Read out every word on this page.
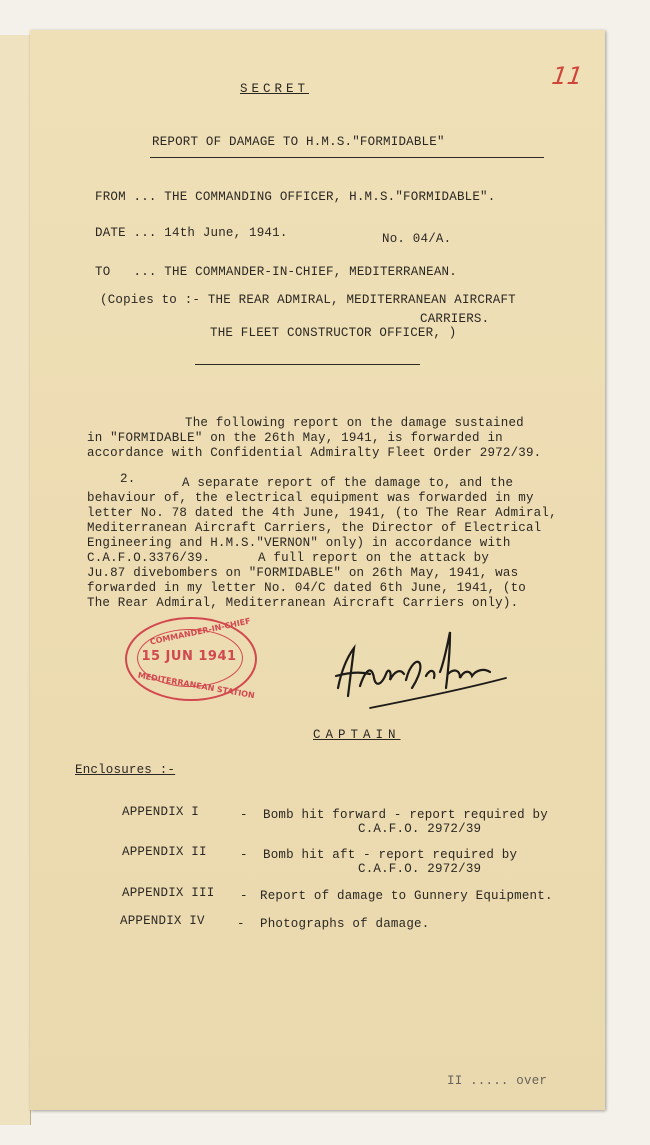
11
SECRET
REPORT OF DAMAGE TO H.M.S."FORMIDABLE"
FROM ... THE COMMANDING OFFICER, H.M.S."FORMIDABLE".
DATE ... 14th June, 1941.	No. 04/A.
TO   ... THE COMMANDER-IN-CHIEF, MEDITERRANEAN.
(Copies to :- THE REAR ADMIRAL, MEDITERRANEAN AIRCRAFT
CARRIERS.
THE FLEET CONSTRUCTOR OFFICER, )
The following report on the damage sustained
in "FORMIDABLE" on the 26th May, 1941, is forwarded in
accordance with Confidential Admiralty Fleet Order 2972/39.
2.	A separate report of the damage to, and the
behaviour of, the electrical equipment was forwarded in my
letter No. 78 dated the 4th June, 1941, (to The Rear Admiral,
Mediterranean Aircraft Carriers, the Director of Electrical
Engineering and H.M.S."VERNON" only) in accordance with
C.A.F.O.3376/39.	A full report on the attack by
Ju.87 divebombers on "FORMIDABLE" on 26th May, 1941, was
forwarded in my letter No. 04/C dated 6th June, 1941, (to
The Rear Admiral, Mediterranean Aircraft Carriers only).
COMMANDER-IN-CHIEF
15 JUN 1941
MEDITERRANEAN STATION
CAPTAIN
Enclosures :-
APPENDIX I	- Bomb hit forward - report required by
C.A.F.O. 2972/39
APPENDIX II	- Bomb hit aft - report required by
C.A.F.O. 2972/39
APPENDIX III - Report of damage to Gunnery Equipment.
APPENDIX IV	- Photographs of damage.
II ..... over
